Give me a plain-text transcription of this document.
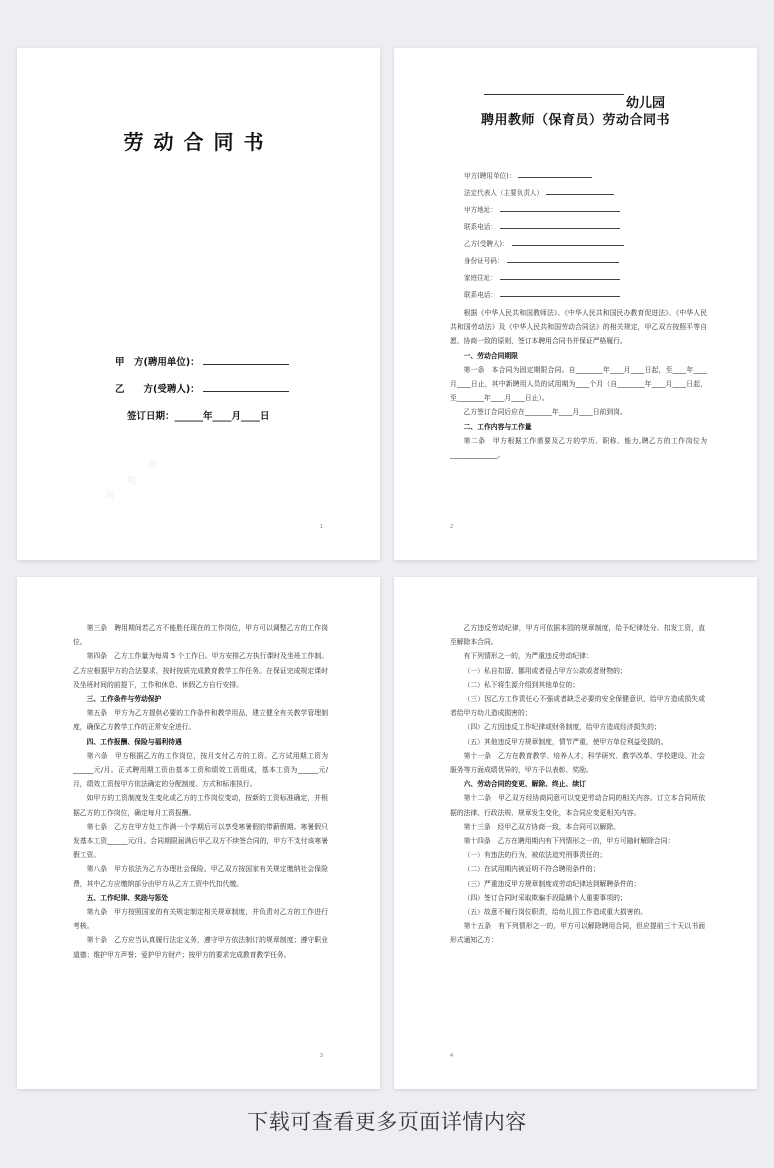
劳动合同书
甲　方(聘用单位)：
乙　　方(受聘人)：
签订日期：______年____月____日
1
幼儿园
聘用教师（保育员）劳动合同书
甲方(聘用单位)：
法定代表人（主要负责人）
甲方地址：
联系电话：
乙方(受聘人)：
身份证号码：
家庭住址：
联系电话：

根据《中华人民共和国教师法》、《中华人民共和国民办教育促进法》、《中华人民共和国劳动法》及《中华人民共和国劳动合同法》的相关规定，甲乙双方按照平等自愿、协商一致的原则，签订本聘用合同书并保证严格履行。

一、劳动合同期限

第一条　本合同为固定期限合同。自________年____月____日起，至____年____月____日止，其中新聘用人员的试用期为____个月（自________年____月____日起，至________年____月____日止）。

乙方签订合同后应在________年____月____日前到岗。

二、工作内容与工作量

第二条　甲方根据工作需要及乙方的学历、职称、能力,聘乙方的工作岗位为______________。

2

第三条　聘用期间若乙方不能胜任现在的工作岗位，甲方可以调整乙方的工作岗位。

第四条　乙方工作量为每周 5 个工作日。甲方安排乙方执行课时及坐班工作制。乙方应根据甲方的合法要求，按时按质完成教育教学工作任务。在保证完成规定课时及坐班时间的前提下，工作和休息、休假乙方自行安排。

三、工作条件与劳动保护

第五条　甲方为乙方提供必要的工作条件和教学用品，建立健全有关教学管理制度，确保乙方教学工作的正常安全进行。

四、工作报酬、保险与福利待遇

第六条　甲方根据乙方的工作岗位，按月支付乙方的工资。乙方试用期工资为______元/月。正式聘用期工资由基本工资和绩效工资组成，基本工资为______元/月，绩效工资按甲方依法确定的分配制度、方式和标准执行。

如甲方的工资制度发生变化或乙方的工作岗位变动，按新的工资标准确定，并根据乙方的工作岗位，确定每月工资报酬。

第七条　乙方在甲方处工作满一个学期后可以享受寒暑假的带薪假期。寒暑假只发基本工资______元/月。合同期限届满后甲乙双方不续签合同的，甲方不支付该寒暑假工资。

第八条　甲方依法为乙方办理社会保险。甲乙双方按国家有关规定缴纳社会保险费，其中乙方应缴纳部分由甲方从乙方工资中代扣代缴。

五、工作纪律、奖励与惩处

第九条　甲方按照国家的有关规定制定相关规章制度，并负责对乙方的工作进行考核。

第十条　乙方应当认真履行法定义务，遵守甲方依法制订的规章制度；遵守职业道德；维护甲方声誉；爱护甲方财产；按甲方的要求完成教育教学任务。

3

乙方违反劳动纪律，甲方可依据本园的规章制度，给予纪律处分、扣发工资，直至解除本合同。

有下列情形之一的，为严重违反劳动纪律：

（一）私自扣留、挪用或者侵占甲方公款或者财物的；

（二）私下将生源介绍到其他单位的；

（三）因乙方工作责任心不强或者缺乏必要的安全保健意识，给甲方造成损失或者给甲方幼儿造成损害的；

（四）乙方因违反工作纪律或财务制度，给甲方造成经济损失的；

（五）其他违反甲方规章制度，情节严重，使甲方单位利益受损的。

第十一条　乙方在教育教学、培养人才、科学研究、教学改革、学校建设、社会服务等方面成绩优异的，甲方予以表彰、奖励。

六、劳动合同的变更、解除、终止、续订

第十二条　甲乙双方经协商同意可以变更劳动合同的相关内容。订立本合同所依据的法律、行政法规、规章发生变化，本合同应变更相关内容。

第十三条　经甲乙双方协商一致，本合同可以解除。

第十四条　乙方在聘用期内有下列情形之一的，甲方可随时解除合同：

（一）有违法的行为，被依法追究刑事责任的；

（二）在试用期内被证明不符合聘用条件的；

（三）严重违反甲方规章制度或劳动纪律达到解聘条件的；

（四）签订合同时采取欺骗手段隐瞒个人重要事项的；

（五）故意不履行岗位职责，给幼儿园工作造成重大损害的。

第十五条　有下列情形之一的，甲方可以解除聘用合同，但应提前三十天以书面形式通知乙方：

4
下载可查看更多页面详情内容
